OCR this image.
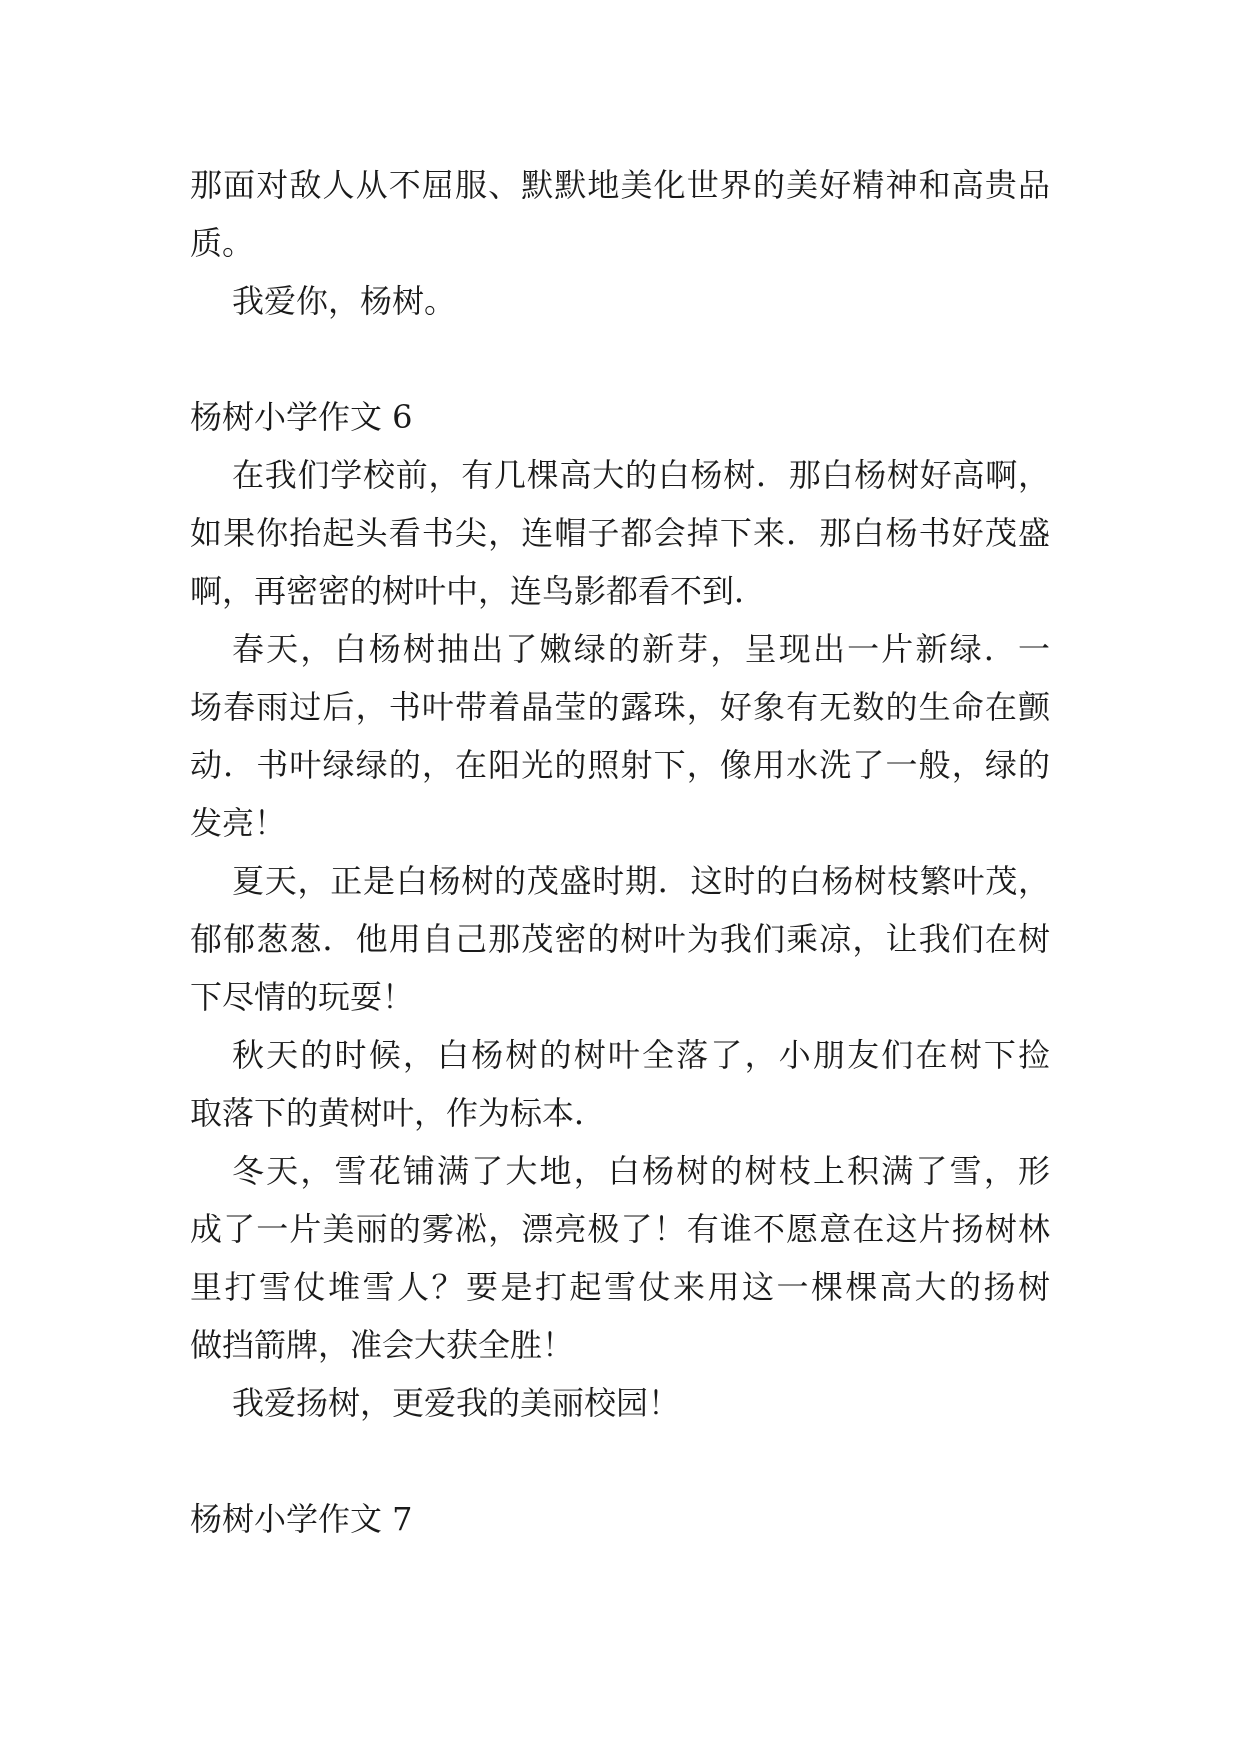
那面对敌人从不屈服、默默地美化世界的美好精神和高贵品
质。
我爱你，杨树。
杨树小学作文 6
在我们学校前，有几棵高大的白杨树．那白杨树好高啊，
如果你抬起头看书尖，连帽子都会掉下来．那白杨书好茂盛
啊，再密密的树叶中，连鸟影都看不到．
春天，白杨树抽出了嫩绿的新芽，呈现出一片新绿．一
场春雨过后，书叶带着晶莹的露珠，好象有无数的生命在颤
动．书叶绿绿的，在阳光的照射下，像用水洗了一般，绿的
发亮！
夏天，正是白杨树的茂盛时期．这时的白杨树枝繁叶茂，
郁郁葱葱．他用自己那茂密的树叶为我们乘凉，让我们在树
下尽情的玩耍！
秋天的时候，白杨树的树叶全落了，小朋友们在树下捡
取落下的黄树叶，作为标本．
冬天，雪花铺满了大地，白杨树的树枝上积满了雪，形
成了一片美丽的雾凇，漂亮极了！有谁不愿意在这片扬树林
里打雪仗堆雪人？要是打起雪仗来用这一棵棵高大的扬树
做挡箭牌，准会大获全胜！
我爱扬树，更爱我的美丽校园！
杨树小学作文 7
